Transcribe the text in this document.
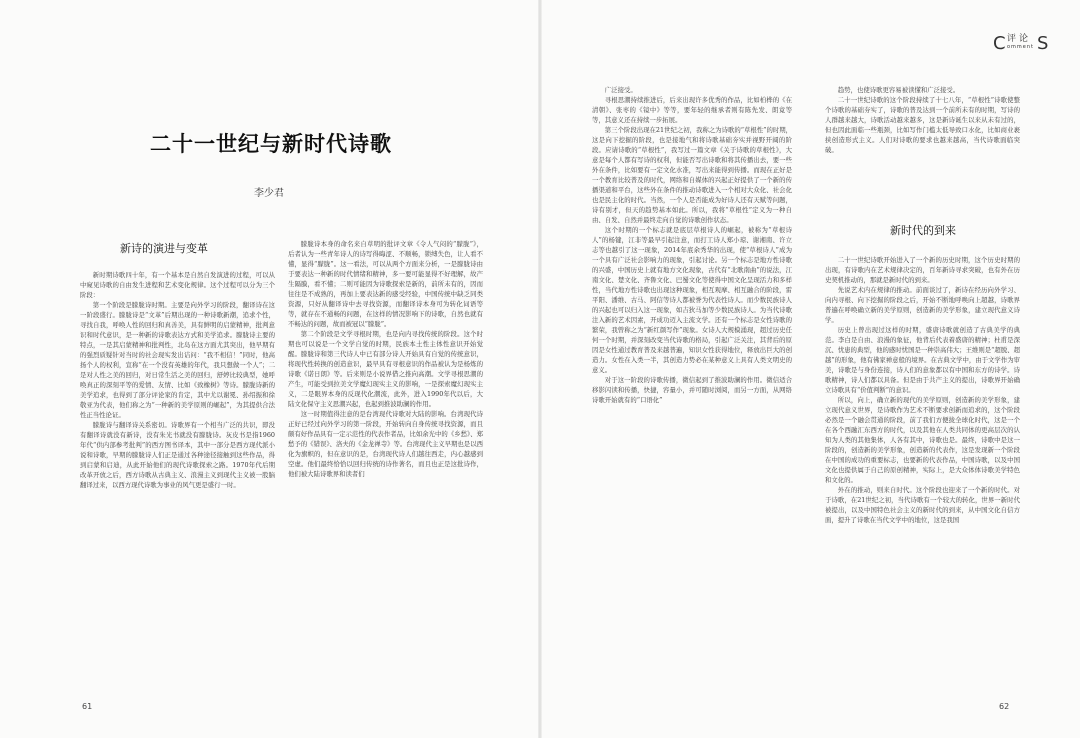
二十一世纪与新时代诗歌
李少君
新诗的演进与变革

新时期诗歌四十年，有一个基本是自然自发演进的过程，可以从中窥见诗歌的自由发生进程和艺术变化规律。这个过程可以分为三个阶段：

第一个阶段是朦胧诗时期。主要是向外学习的阶段，翻译诗在这一阶段盛行。朦胧诗是“文革”后期出现的一种诗歌新潮，追求个性，寻找自我，呼唤人性的回归和真善美，具有鲜明的启蒙精神，批判意识和时代意识，是一种新的诗歌表达方式和美学追求。朦胧诗主要的特点，一是其启蒙精神和批判性，北岛在这方面尤其突出，他早期有的强烈质疑针对当时的社会现实发出诘问：“我不相信！”同时，他高扬个人的权利，宣称“在一个没有英雄的年代，我只想做一个人”；二是对人性之美的回归，对日常生活之美的回归，舒婷比较典型，她呼唤真正的深刻平等的爱情、友情、比如《致橡树》等诗。朦胧诗新的美学追求，也得到了部分评论家的肯定，其中尤以谢冕、孙绍振和徐敬亚为代表，他们称之为“一种新的美学原则的崛起”，为其提供合法性正当性论证。

朦胧诗与翻译诗关系密切。诗歌界有一个相当广泛的共识，即没有翻译诗就没有新诗，没有朱光书就没有朦胧诗。灰皮书是指1960年代“供内部参考批判”的西方图书译本，其中一部分是西方现代派小说和诗歌，早期的朦胧诗人们正是通过各种途径接触到这些作品，得到启蒙和启迪，从此开始他们的现代诗歌探索之路。1970年代后期改革开放之后，西方诗歌从古典主义、浪漫主义到现代主义被一股脑翻译过来，以西方现代诗歌为事业的风气更是盛行一时。

朦胧诗本身的命名来自草明的批评文章《令人气闷的“朦胧”》，后者认为一些青年诗人的诗写得晦涩、不顺畅，锁缚失色，让人看不懂，显得“朦胧”。这一看法，可以从两个方面来分析，一是朦胧诗由于要表达一种新的时代情绪和精神，多一要可能显得不好理解，故产生隔膜，看不懂；二则可能因为诗歌探索是新的，前所未有的，因而往往是不成熟的，再加上要表达新的感受经验，中国传统中缺乏同类资源，只好从翻译诗中去寻找资源，而翻译诗本身可为转化词语等等，就存在不通畅的问题，在这样的情况影响下的诗歌，自然也就有不畅达的问题，故而被冠以“朦胧”。

第二个阶段是文学寻根时期，也是向内寻找传统的阶段。这个时期也可以说是一个文学自觉的时期，民族本土性主体性意识开始觉醒。朦胧诗和第三代诗人中已有部分诗人开始具有自觉的传统意识，将现代性转换的创造意识，最早具有寻根意识的作品被认为是杨炼的诗歌《诺日朗》等。后来则是小说界借之推向高潮。文学寻根思潮的产生，可能受到拉美文学魔幻现实主义的影响，一是探索魔幻现实主义，二是眼界本身的反现代化潮流，此外，进入1990年代以后，大陆文化保守主义思潮兴起，也起到推波助澜的作用。

这一时期值得注意的是台湾现代诗歌对大陆的影响。台湾现代诗正好已经过向外学习的第一阶段，开始转向自身传统寻找资源，而且颇有好作品具有一定示范性的代表作者品，比如余光中的《乡愁》、郑愁予的《错误》、洛夫的《金龙禅寺》等。台湾现代主义早期也是以西化为旗帜的，但在意识的是，台湾现代诗人们越往西走，内心越感到空虚。他们最终恰恰以回归传统的诗作著名，而且也正是这批诗作，他们被大陆诗歌界和读者们

广泛接受。

寻根思潮持续推进后，后来出现许多优秀的作品，比如柏桦的《在清朝》、张枣的《镜中》等等，要年轻的继承者则有陈先发、朗竟等等，其意义还在持续一步拓展。

第三个阶段出现在21世纪之初，我称之为诗歌的“草根性”的时期，这是向下挖掘的阶段，也是接地气和将诗歌基础夯实并视野开阔的阶段。应请诗歌的“草根性”，我写过一篇文章《关于诗歌的草根性》，大意是每个人都有写诗的权利，但能否写出诗歌和将其传播出去，要一些外在条件，比如要有一定文化水准，写出来能得到传播。而现在正好是一个教育比较普及的时代，网络和自媒体的兴起正好提供了一个新的传播渠道和平台，这些外在条件的推动诗歌进入一个相对大众化、社会化也是民主化的时代。当然，一个人是否能成为好诗人还有天赋等问题，诗有别才，但天的趋势基本如此。所以，我将“草根性”定义为一种自由、自发、自然并最终走向自觉的诗歌创作状态。

这个时期的一个标志就是底层草根诗人的崛起，被称为“草根诗人”的杨键，江非等最早引起注意，而打工诗人郑小琼、谢湘南、许立志等也越引了这一现象，2014年底余秀华的出现，使“草根诗人”成为一个具有广泛社会影响力的现象，引起讨论。另一个标志是地方性诗歌的兴盛，中国历史上就有地方文化现象，古代有“北歌南曲”的说法，江南文化、楚文化、齐鲁文化、巴蜀文化等使得中国文化呈现活力和多样性，当代地方性诗歌也出现这种现象，相互观摩、相互融合的阶段，雷平阳、潘维、古马、阿信等诗人都被誉为代表性诗人。而少数民族诗人的兴起也可以归入这一现象，如吉狄马加等少数民族诗人。为当代诗歌注入新的艺术因素，开成功迈入主流文学。还有一个标志是女性诗歌的繁荣，我曾称之为“新红颜写作”现象。女诗人大规模涌现，超过历史任何一个时期，并深刻改变当代诗歌的格局，引起广泛关注，其背后的原因是女性通过教育普及来越普遍，知识女性获得地位，释放出巨大的创造力。女性在入类一半，其创造力势必在某种意义上具有人类文明史的意义。

对于这一阶段的诗歌传播，微信起到了推波助澜的作用。微信适合移影闪读和传播，快捷，容量小，并可随时浏阅，而另一方面，从网络诗歌开始就有的“口语化”

趋势，也使诗歌更容易被读懂和广泛接受。

二十一世纪诗歌的这个阶段持续了十七八年，“草根性”诗歌使整个诗歌的基础夯实了，诗歌的普及达到一个前所未有的时期，写诗的人群越来越大，诗歌活动越来越多，这是新诗诞生以来从未有过的，但也因此面临一些瓶颈，比如写作门槛太低导致口水化，比如商业裹挟创造形式主义。人们对诗歌的要求也越来越高，当代诗歌面临突破。

新时代的到来

二十一世纪诗歌开始进入了一个新的历史时期，这个历史时期的出现，有诗歌内在艺术规律决定的，百年新诗寻求突破，也有外在历史契机推动的，那就是新时代的到来。

先说艺术内在规律的推动。前面谈过了，新诗在经历向外学习、向内寻根、向下挖掘的阶段之后，开始不断地呼唤向上超越，诗歌界普遍在呼唤确立新的美学原则，创造新的美学形象，建立现代意义诗学。

历史上曾出现过这样的时期，盛唐诗歌就创造了古典美学的典范。李白是自由、浪漫的象征，他背后代表着盛唐的精神；杜甫是深沉、忧患的典型，他的感时忧国是一种崇高伟大；王维则是“超脱、超越”的形象，他有佛家禅意般的境界。在古典文学中，由于文学作为审美，诗歌是与身份连接，诗人们的意象都以有中国和东方的诗学。诗歌精神，诗人们都以具备。但是由于共产主义的提出，诗歌界开始确立诗歌具有“价值判断”的意识。

所以，向上，确立新的现代的美学原则，创造新的美学形象，建立现代意义世界，是诗歌作为艺术不断要求创新而追求的，这个阶段必然是一个融会贯通的阶段，前了我们方便拢全球化时代，这是一个在各个西融汇东西方的时代，以及其他在人类共同体的更高层次的认知为人类的其他集体，人各有其中，诗歌也是。最终，诗歌中是这一阶段的，创造新的美学形象，创造新的代表作，这是发现新一个阶段在中国的成功的重要标志，也要新的代表作品，中国诗歌，以及中国文化也提供属于自己的原创精神，实际上，是大众体体诗歌美学特色和文化的。

外在的推动，则来自时代。这个阶段也迎来了一个新的时代。对于诗歌，在21世纪之初，当代诗歌有一个较大的转化，世界一新时代被提出，以及中国特色社会主义的新时代的到来，从中国文化自信方面，提升了诗歌在当代文学中的地位，这是我国

61	62
C 评论
omment S
